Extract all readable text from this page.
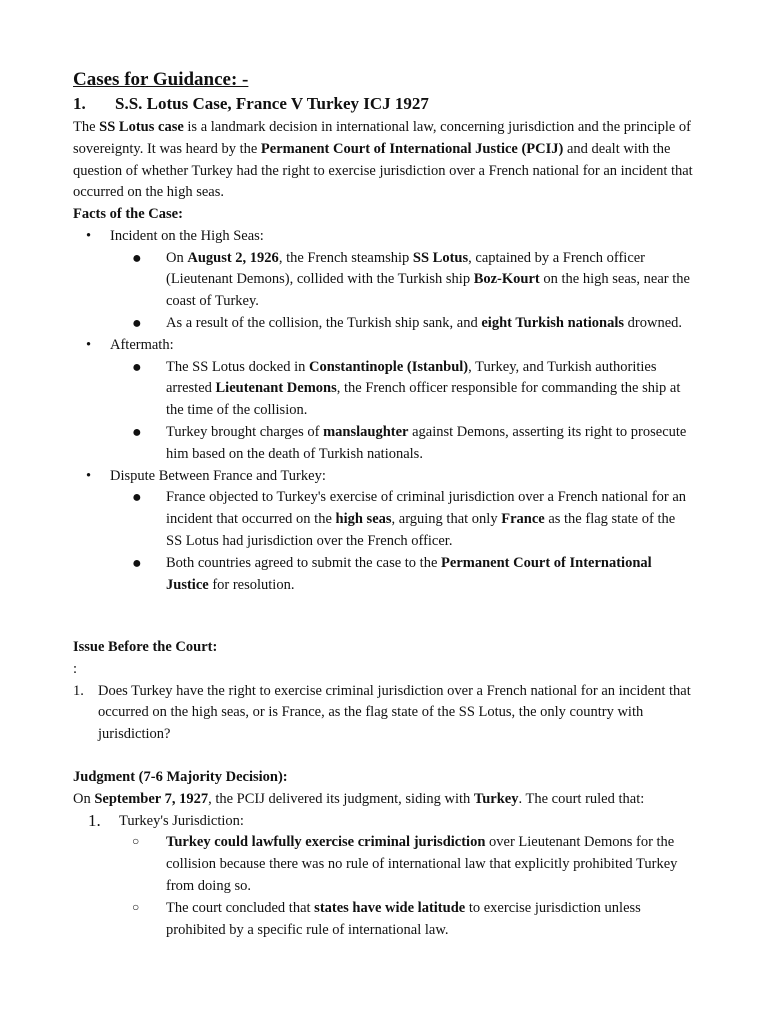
Cases for Guidance: -
1. S.S. Lotus Case, France V Turkey ICJ 1927

The SS Lotus case is a landmark decision in international law, concerning jurisdiction and the principle of sovereignty. It was heard by the Permanent Court of International Justice (PCIJ) and dealt with the question of whether Turkey had the right to exercise jurisdiction over a French national for an incident that occurred on the high seas.

Facts of the Case:

• Incident on the High Seas:
● On August 2, 1926, the French steamship SS Lotus, captained by a French officer (Lieutenant Demons), collided with the Turkish ship Boz-Kourt on the high seas, near the coast of Turkey.
● As a result of the collision, the Turkish ship sank, and eight Turkish nationals drowned.
• Aftermath:
● The SS Lotus docked in Constantinople (Istanbul), Turkey, and Turkish authorities arrested Lieutenant Demons, the French officer responsible for commanding the ship at the time of the collision.
● Turkey brought charges of manslaughter against Demons, asserting its right to prosecute him based on the death of Turkish nationals.
• Dispute Between France and Turkey:
● France objected to Turkey's exercise of criminal jurisdiction over a French national for an incident that occurred on the high seas, arguing that only France as the flag state of the SS Lotus had jurisdiction over the French officer.
● Both countries agreed to submit the case to the Permanent Court of International Justice for resolution.

Issue Before the Court:

:

1. Does Turkey have the right to exercise criminal jurisdiction over a French national for an incident that occurred on the high seas, or is France, as the flag state of the SS Lotus, the only country with jurisdiction?

Judgment (7-6 Majority Decision):

On September 7, 1927, the PCIJ delivered its judgment, siding with Turkey. The court ruled that:

1. Turkey's Jurisdiction:
○ Turkey could lawfully exercise criminal jurisdiction over Lieutenant Demons for the collision because there was no rule of international law that explicitly prohibited Turkey from doing so.
○ The court concluded that states have wide latitude to exercise jurisdiction unless prohibited by a specific rule of international law.
